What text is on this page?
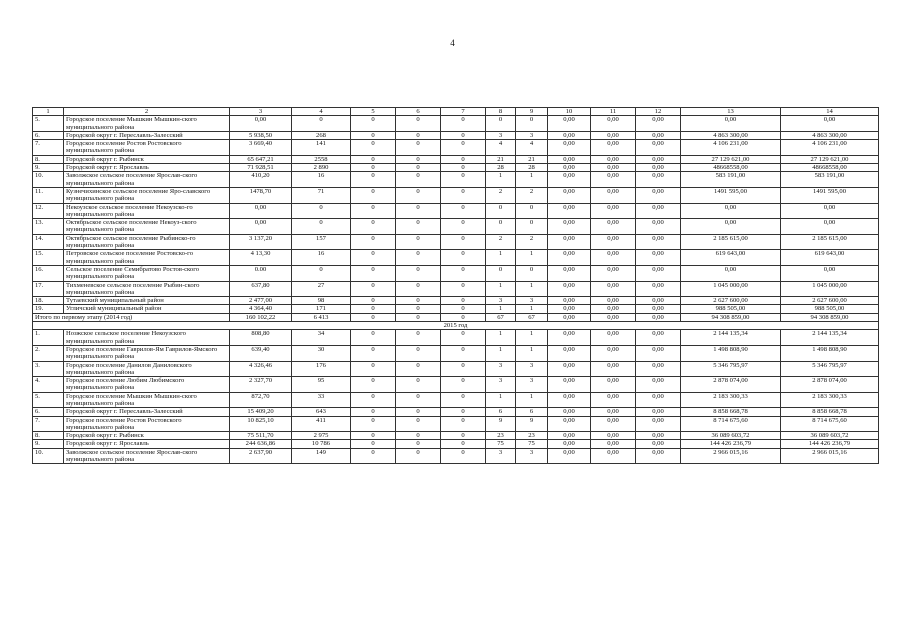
4
1	2	3	4	5	6	7	8	9	10	11	12	13	14
5.	Городское поселение Мышкин Мышкин-ского муниципального района	0,00	0	0	0	0	0	0	0,00	0,00	0,00	0,00	0,00
6.	Городской округ г. Переславль-Залесский	5 938,50	268	0	0	0	3	3	0,00	0,00	0,00	4 863 300,00	4 863 300,00
7.	Городское поселение Ростов Ростовского муниципального района	3 669,40	141	0	0	0	4	4	0,00	0,00	0,00	4 106 231,00	4 106 231,00
8.	Городской округ г. Рыбинск	65 647,21	2558	0	0	0	21	21	0,00	0,00	0,00	27 129 621,00	27 129 621,00
9.	Городской округ г. Ярославль	71 928,51	2 890	0	0	0	28	28	0,00	0,00	0,00	48668558,00	48668558,00
10.	Заволжское сельское поселение Ярослав-ского муниципального района	410,20	16	0	0	0	1	1	0,00	0,00	0,00	583 191,00	583 191,00
11.	Кузнечихинское сельское поселение Яро-славского муниципального района	1478,70	71	0	0	0	2	2	0,00	0,00	0,00	1491 595,00	1491 595,00
12.	Некоузское сельское поселение Некоузско-го муниципального района	0,00	0	0	0	0	0	0	0,00	0,00	0,00	0,00	0,00
13.	Октябрьское сельское поселение Некоуз-ского муниципального района	0,00	0	0	0	0	0	0	0,00	0,00	0,00	0,00	0,00
14.	Октябрьское сельское поселение Рыбинско-го муниципального района	3 137,20	157	0	0	0	2	2	0,00	0,00	0,00	2 185 615,00	2 185 615,00
15.	Петровское сельское поселение Ростовско-го муниципального района	4 13,30	16	0	0	0	1	1	0,00	0,00	0,00	619 643,00	619 643,00
16.	Сельское поселение Семибратово Ростов-ского муниципального района	0.00	0	0	0	0	0	0	0,00	0,00	0,00	0,00	0,00
17.	Тихменевское сельское поселение Рыбин-ского муниципального района	637,80	27	0	0	0	1	1	0,00	0,00	0,00	1 045 000,00	1 045 000,00
18.	Тутаевский муниципальный район	2 477,00	98	0	0	0	3	3	0,00	0,00	0,00	2 627 600,00	2 627 600,00
19.	Угличский муниципальный район	4 364,40	171	0	0	0	1	1	0,00	0,00	0,00	988 505,00	988 505,00
Итого по первому этапу (2014 год)		160 102,22	6 413	0	0	0	67	67	0,00	0,00	0,00	94 308 859,00	94 308 859,00
2015 год													
1.	Нозжское сельское поселение Некоузского муниципального района	808,80	34	0	0	0	1	1	0,00	0,00	0,00	2 144 135,34	2 144 135,34
2.	Городское поселение Гаврилов-Ям Гаврилов-Ямского муниципального района	639,40	30	0	0	0	1	1	0,00	0,00	0,00	1 498 808,90	1 498 808,90
3.	Городское поселение Данилов Даниловского муниципального района	4 326,46	176	0	0	0	3	3	0,00	0,00	0,00	5 346 795,97	5 346 795,97
4.	Городское поселение Любим Любимского муниципального района	2 327,70	95	0	0	0	3	3	0,00	0,00	0,00	2 878 074,00	2 878 074,00
5.	Городское поселение Мышкин Мышкин-ского муниципального района	872,70	33	0	0	0	1	1	0,00	0,00	0,00	2 183 300,33	2 183 300,33
6.	Городской округ г. Переславль-Залесский	15 409,20	643	0	0	0	6	6	0,00	0,00	0,00	8 858 668,78	8 858 668,78
7.	Городское поселение Ростов Ростовского муниципального района	10 825,10	411	0	0	0	9	9	0,00	0,00	0,00	8 714 675,60	8 714 675,60
8.	Городской округ г. Рыбинск	75 511,70	2 975	0	0	0	23	23	0,00	0,00	0,00	36 089 603,72	36 089 603,72
9.	Городской округ г. Ярославль	244 636,86	10 786	0	0	0	75	75	0,00	0,00	0,00	144 426 236,79	144 426 236,79
10.	Заволжское сельское поселение Ярослав-ского муниципального района	2 637,90	149	0	0	0	3	3	0,00	0,00	0,00	2 966 015,16	2 966 015,16
